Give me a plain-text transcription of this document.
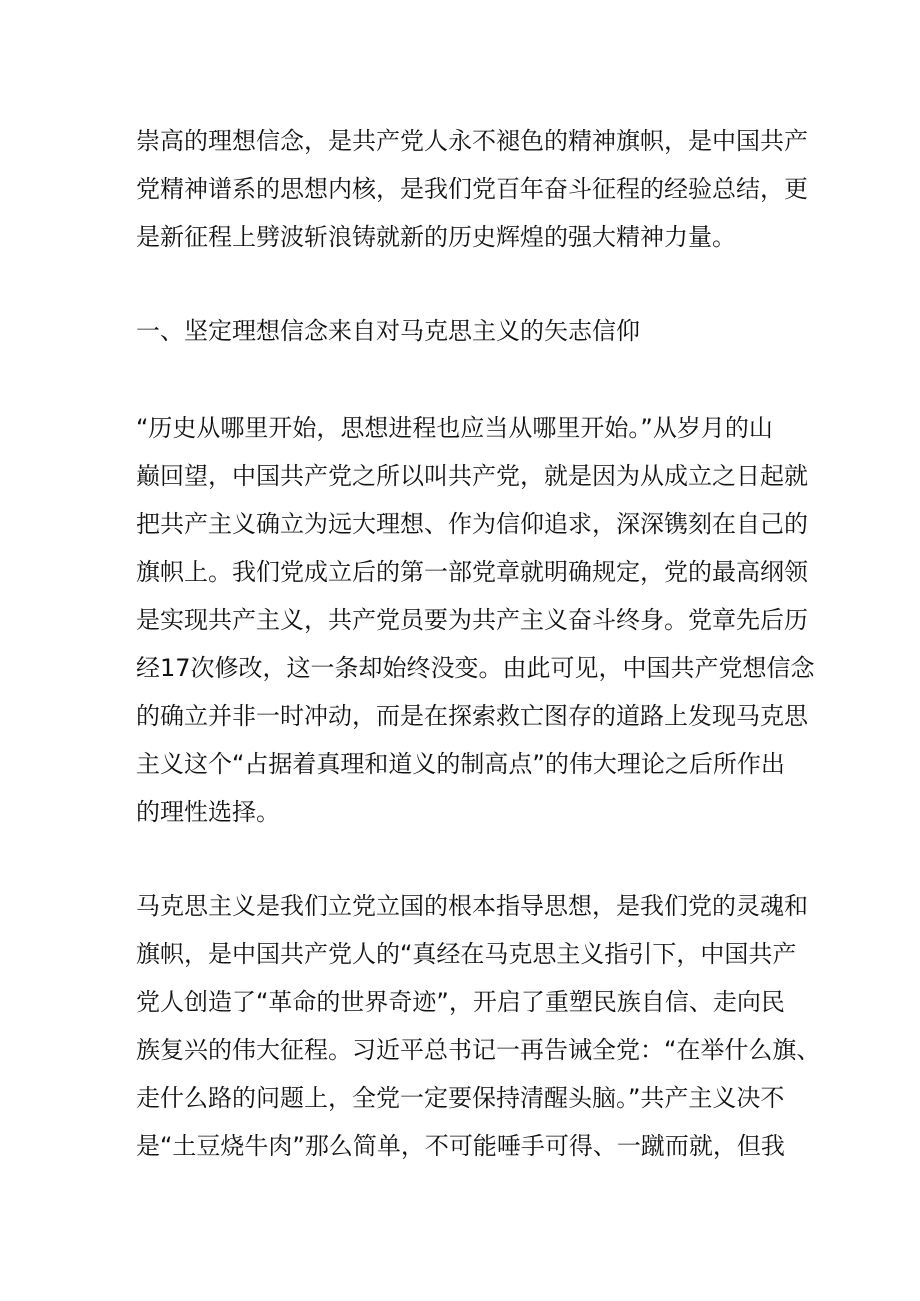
崇高的理想信念，是共产党人永不褪色的精神旗帜，是中国共产

党精神谱系的思想内核，是我们党百年奋斗征程的经验总结，更

是新征程上劈波斩浪铸就新的历史辉煌的强大精神力量。

一、坚定理想信念来自对马克思主义的矢志信仰

“历史从哪里开始，思想进程也应当从哪里开始。”从岁月的山

巅回望，中国共产党之所以叫共产党，就是因为从成立之日起就

把共产主义确立为远大理想、作为信仰追求，深深镌刻在自己的

旗帜上。我们党成立后的第一部党章就明确规定，党的最高纲领

是实现共产主义，共产党员要为共产主义奋斗终身。党章先后历

经17次修改，这一条却始终没变。由此可见，中国共产党想信念

的确立并非一时冲动，而是在探索救亡图存的道路上发现马克思

主义这个“占据着真理和道义的制高点”的伟大理论之后所作出

的理性选择。

马克思主义是我们立党立国的根本指导思想，是我们党的灵魂和

旗帜，是中国共产党人的“真经在马克思主义指引下，中国共产

党人创造了“革命的世界奇迹”，开启了重塑民族自信、走向民

族复兴的伟大征程。习近平总书记一再告诫全党：“在举什么旗、

走什么路的问题上，全党一定要保持清醒头脑。”共产主义决不

是“土豆烧牛肉”那么简单，不可能唾手可得、一蹴而就，但我
